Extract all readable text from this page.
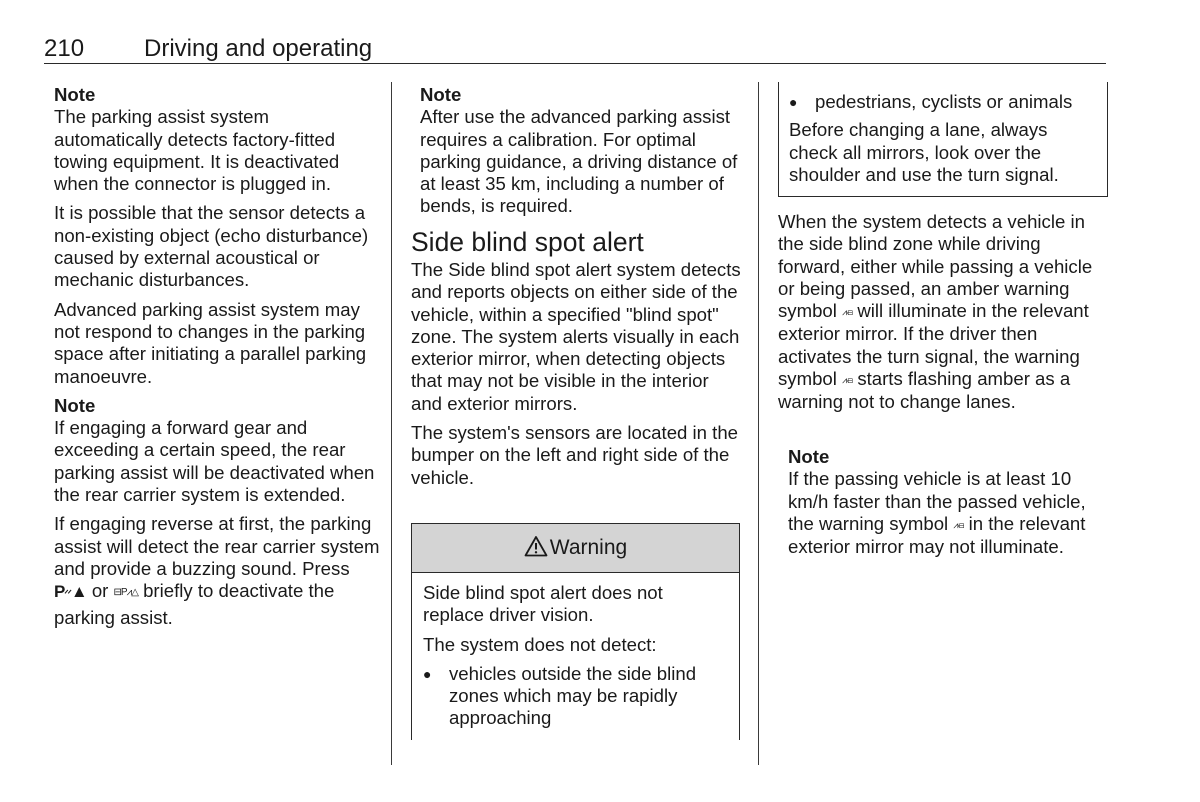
210 Driving and operating
Note
The parking assist system automatically detects factory-fitted towing equipment. It is deactivated when the connector is plugged in.

It is possible that the sensor detects a non-existing object (echo disturbance) caused by external acoustical or mechanic disturbances.

Advanced parking assist system may not respond to changes in the parking space after initiating a parallel parking manoeuvre.

Note
If engaging a forward gear and exceeding a certain speed, the rear parking assist will be deactivated when the rear carrier system is extended.

If engaging reverse at first, the parking assist will detect the rear carrier system and provide a buzzing sound. Press Pᐟᐟ▲ or ⊟P⩘△ briefly to deactivate the parking assist.

Note
After use the advanced parking assist requires a calibration. For optimal parking guidance, a driving distance of at least 35 km, including a number of bends, is required.
Side blind spot alert

The Side blind spot alert system detects and reports objects on either side of the vehicle, within a specified "blind spot" zone. The system alerts visually in each exterior mirror, when detecting objects that may not be visible in the interior and exterior mirrors.

The system's sensors are located in the bumper on the left and right side of the vehicle.

Warning

Side blind spot alert does not replace driver vision.

The system does not detect:

● vehicles outside the side blind zones which may be rapidly approaching
● pedestrians, cyclists or animals

Before changing a lane, always check all mirrors, look over the shoulder and use the turn signal.

When the system detects a vehicle in the side blind zone while driving forward, either while passing a vehicle or being passed, an amber warning symbol ⩘⋅⊟ will illuminate in the relevant exterior mirror. If the driver then activates the turn signal, the warning symbol ⩘⋅⊟ starts flashing amber as a warning not to change lanes.

Note
If the passing vehicle is at least 10 km/h faster than the passed vehicle, the warning symbol ⩘⋅⊟ in the relevant exterior mirror may not illuminate.
